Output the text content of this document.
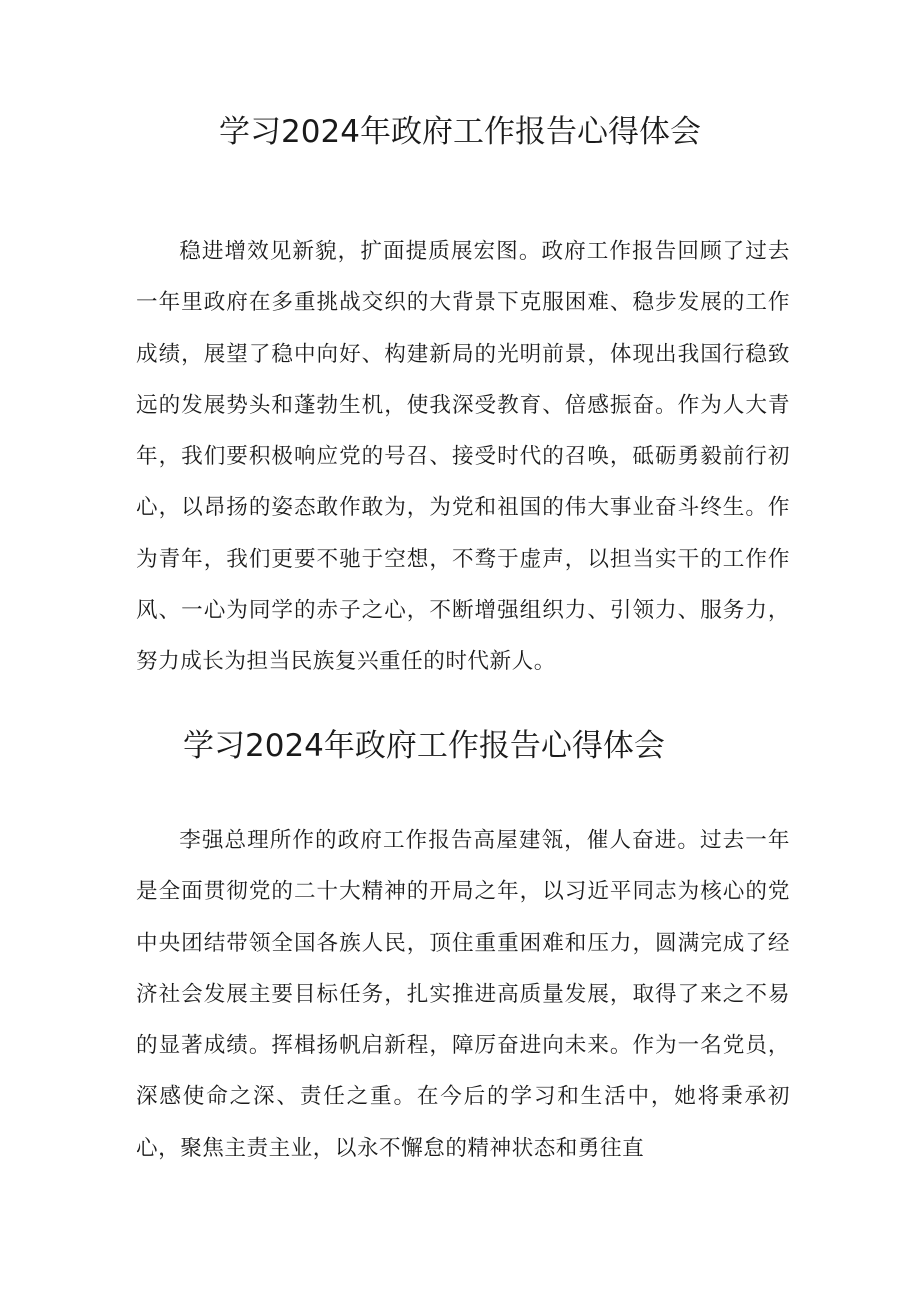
学习2024年政府工作报告心得体会

稳进增效见新貌，扩面提质展宏图。政府工作报告回顾了过去一年里政府在多重挑战交织的大背景下克服困难、稳步发展的工作成绩，展望了稳中向好、构建新局的光明前景，体现出我国行稳致远的发展势头和蓬勃生机，使我深受教育、倍感振奋。作为人大青年，我们要积极响应党的号召、接受时代的召唤，砥砺勇毅前行初心，以昂扬的姿态敢作敢为，为党和祖国的伟大事业奋斗终生。作为青年，我们更要不驰于空想，不骛于虚声，以担当实干的工作作风、一心为同学的赤子之心，不断增强组织力、引领力、服务力，努力成长为担当民族复兴重任的时代新人。

学习2024年政府工作报告心得体会

李强总理所作的政府工作报告高屋建瓴，催人奋进。过去一年是全面贯彻党的二十大精神的开局之年，以习近平同志为核心的党中央团结带领全国各族人民，顶住重重困难和压力，圆满完成了经济社会发展主要目标任务，扎实推进高质量发展，取得了来之不易的显著成绩。挥楫扬帆启新程，障厉奋进向未来。作为一名党员，深感使命之深、责任之重。在今后的学习和生活中，她将秉承初心，聚焦主责主业，以永不懈怠的精神状态和勇往直
